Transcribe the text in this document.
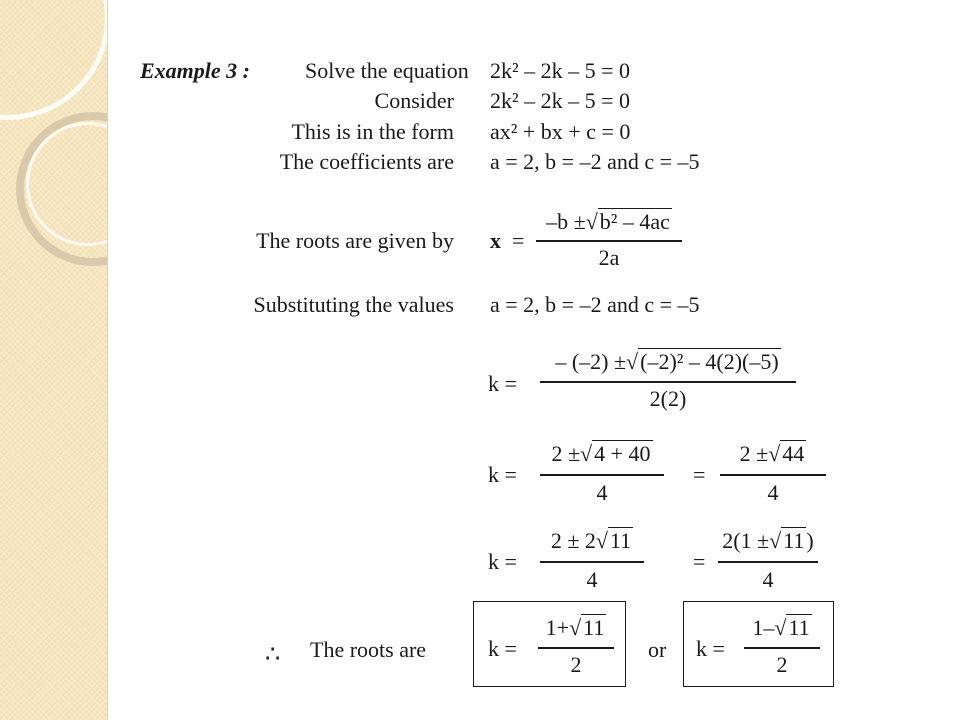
Example 3 :	Solve the equation 2k² – 2k – 5 = 0
Consider 2k² – 2k – 5 = 0
This is in the form ax² + bx + c = 0
The coefficients are a = 2, b = –2 and c = –5
The roots are given by x =
–b ±√b² – 4ac
2a
Substituting the values a = 2, b = –2 and c = –5
k =
– (–2) ±√(–2)² – 4(2)(–5)
2(2)
k =
2 ±√4 + 40
4
=
2 ±√44
4
k =
2 ± 2√11
4
=
2(1 ±√11)
4
∴ The roots are	k =
1+√11
2
or k =
1–√11
2
